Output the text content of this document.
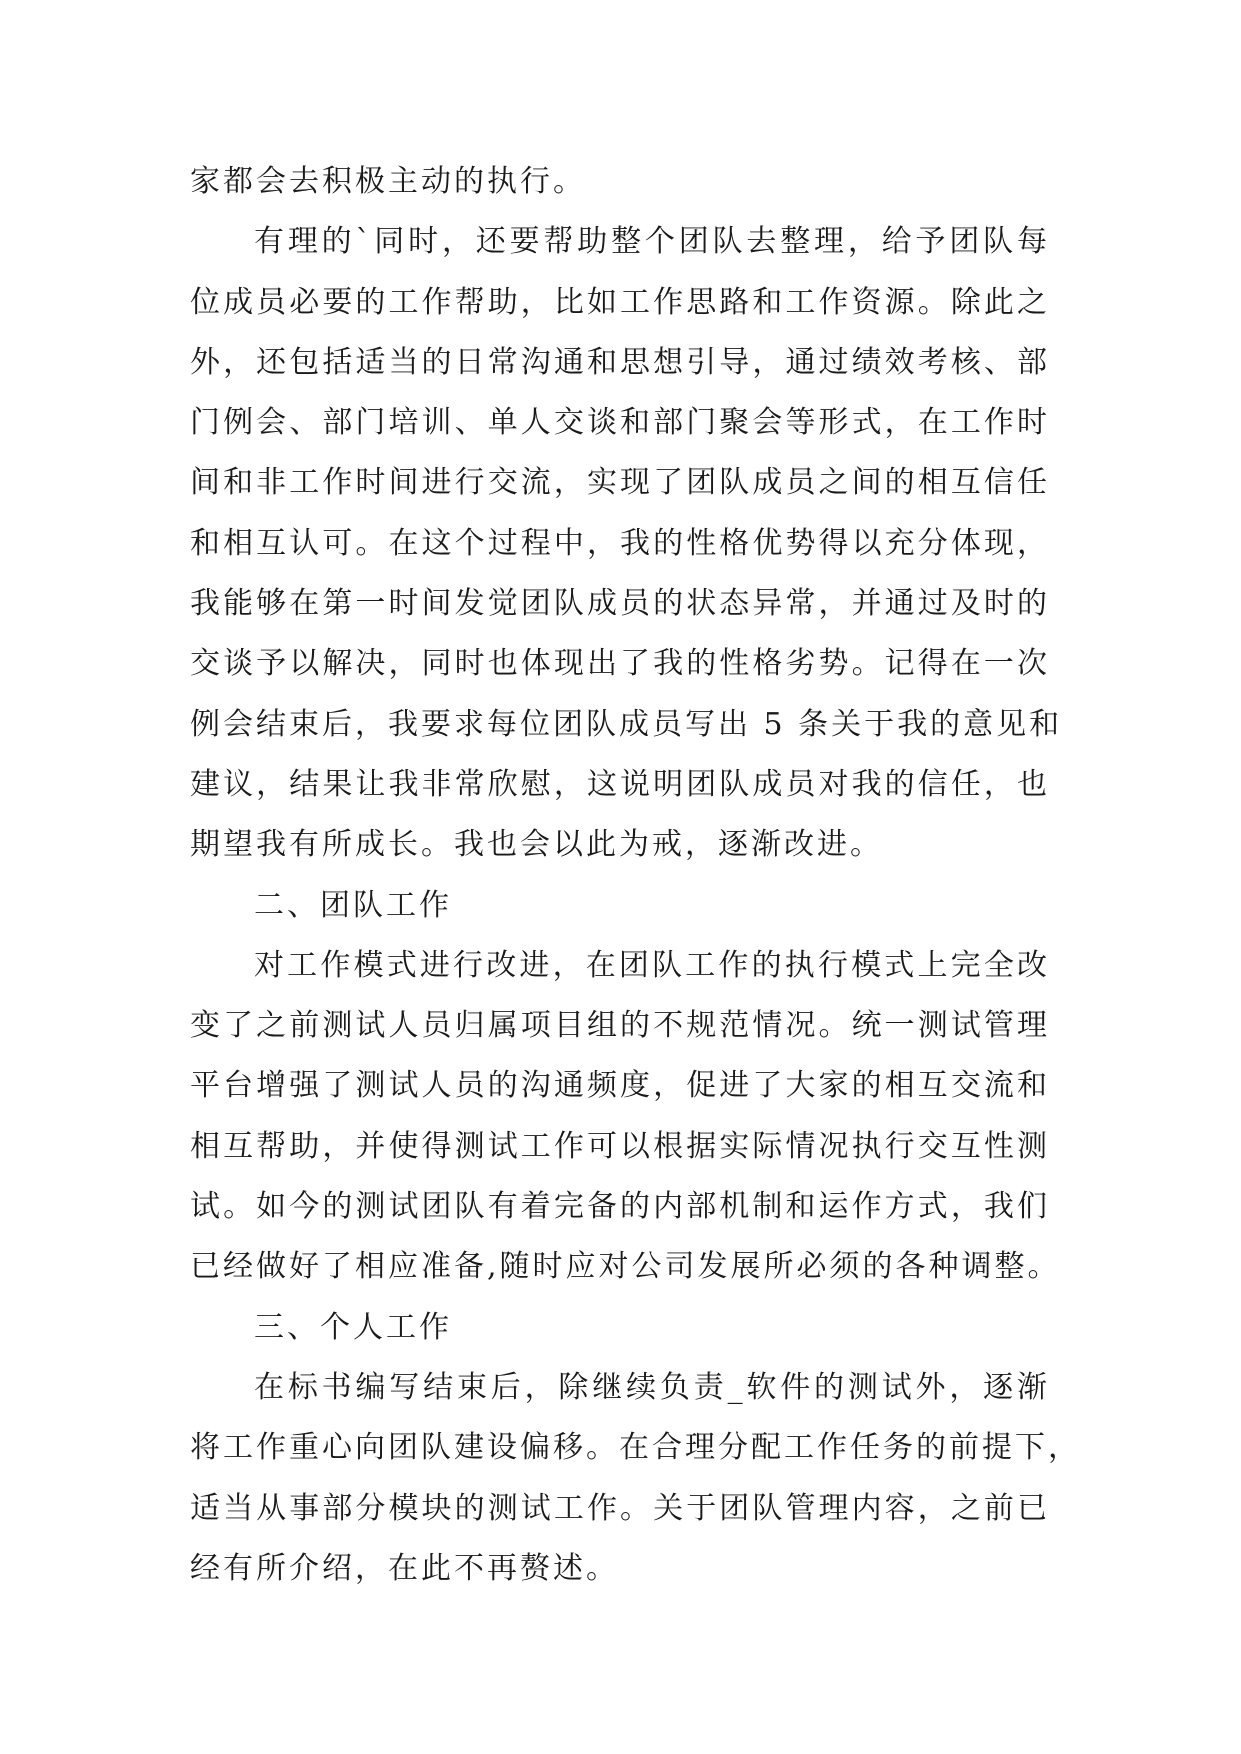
家都会去积极主动的执行。
有理的`同时，还要帮助整个团队去整理，给予团队每
位成员必要的工作帮助，比如工作思路和工作资源。除此之
外，还包括适当的日常沟通和思想引导，通过绩效考核、部
门例会、部门培训、单人交谈和部门聚会等形式，在工作时
间和非工作时间进行交流，实现了团队成员之间的相互信任
和相互认可。在这个过程中，我的性格优势得以充分体现，
我能够在第一时间发觉团队成员的状态异常，并通过及时的
交谈予以解决，同时也体现出了我的性格劣势。记得在一次
例会结束后，我要求每位团队成员写出 5 条关于我的意见和
建议，结果让我非常欣慰，这说明团队成员对我的信任，也
期望我有所成长。我也会以此为戒，逐渐改进。
二、团队工作
对工作模式进行改进，在团队工作的执行模式上完全改
变了之前测试人员归属项目组的不规范情况。统一测试管理
平台增强了测试人员的沟通频度，促进了大家的相互交流和
相互帮助，并使得测试工作可以根据实际情况执行交互性测
试。如今的测试团队有着完备的内部机制和运作方式，我们
已经做好了相应准备,随时应对公司发展所必须的各种调整。
三、个人工作
在标书编写结束后，除继续负责_软件的测试外，逐渐
将工作重心向团队建设偏移。在合理分配工作任务的前提下，
适当从事部分模块的测试工作。关于团队管理内容，之前已
经有所介绍，在此不再赘述。
